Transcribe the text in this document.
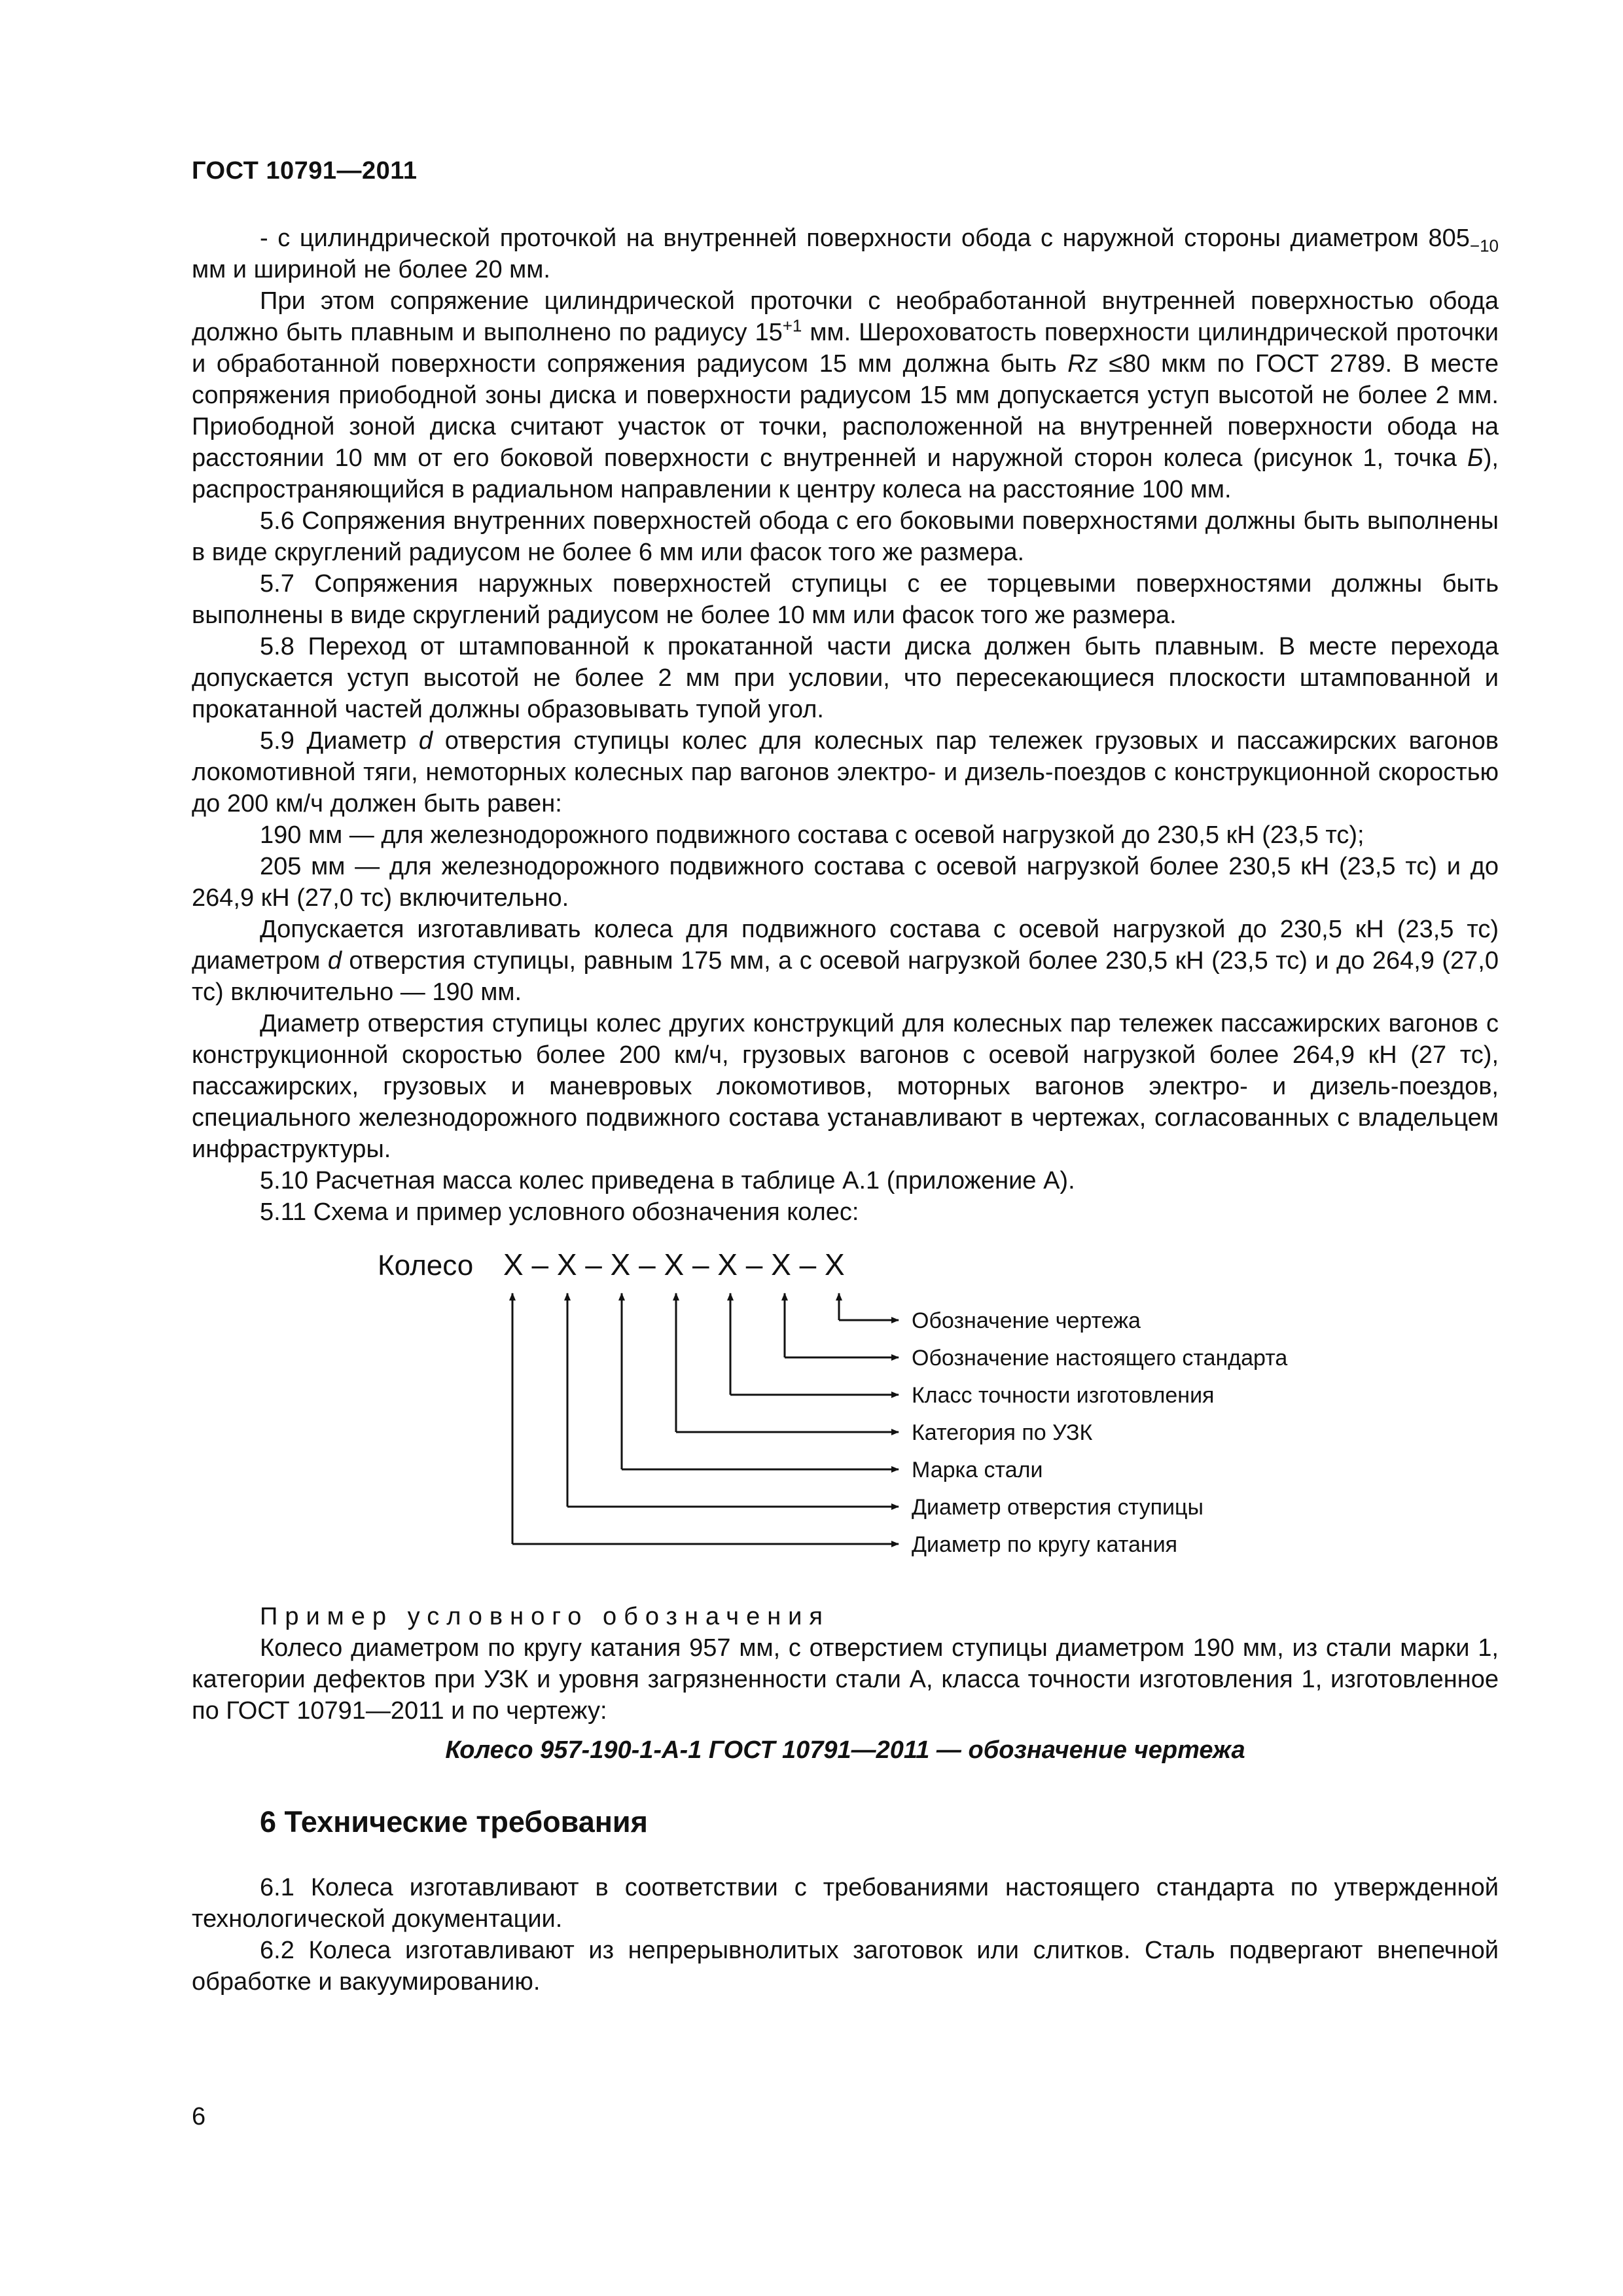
ГОСТ 10791—2011

- с цилиндрической проточкой на внутренней поверхности обода с наружной стороны диаметром $805_{-10}$ мм и шириной не более 20 мм.

При этом сопряжение цилиндрической проточки с необработанной внутренней поверхностью обода должно быть плавным и выполнено по радиусу $15^{+1}$ мм. Шероховатость поверхности цилиндрической проточки и обработанной поверхности сопряжения радиусом 15 мм должна быть Rz ≤80 мкм по ГОСТ 2789. В месте сопряжения приободной зоны диска и поверхности радиусом 15 мм допускается уступ высотой не более 2 мм. Приободной зоной диска считают участок от точки, расположенной на внутренней поверхности обода на расстоянии 10 мм от его боковой поверхности с внутренней и наружной сторон колеса (рисунок 1, точка Б), распространяющийся в радиальном направлении к центру колеса на расстояние 100 мм.

5.6 Сопряжения внутренних поверхностей обода с его боковыми поверхностями должны быть выполнены в виде скруглений радиусом не более 6 мм или фасок того же размера.

5.7 Сопряжения наружных поверхностей ступицы с ее торцевыми поверхностями должны быть выполнены в виде скруглений радиусом не более 10 мм или фасок того же размера.

5.8 Переход от штампованной к прокатанной части диска должен быть плавным. В месте перехода допускается уступ высотой не более 2 мм при условии, что пересекающиеся плоскости штампованной и прокатанной частей должны образовывать тупой угол.

5.9 Диаметр d отверстия ступицы колес для колесных пар тележек грузовых и пассажирских вагонов локомотивной тяги, немоторных колесных пар вагонов электро- и дизель-поездов с конструкционной скоростью до 200 км/ч должен быть равен:

190 мм — для железнодорожного подвижного состава с осевой нагрузкой до 230,5 кН (23,5 тс);

205 мм — для железнодорожного подвижного состава с осевой нагрузкой более 230,5 кН (23,5 тс) и до 264,9 кН (27,0 тс) включительно.

Допускается изготавливать колеса для подвижного состава с осевой нагрузкой до 230,5 кН (23,5 тс) диаметром d отверстия ступицы, равным 175 мм, а с осевой нагрузкой более 230,5 кН (23,5 тс) и до 264,9 (27,0 тс) включительно — 190 мм.

Диаметр отверстия ступицы колес других конструкций для колесных пар тележек пассажирских вагонов с конструкционной скоростью более 200 км/ч, грузовых вагонов с осевой нагрузкой более 264,9 кН (27 тс), пассажирских, грузовых и маневровых локомотивов, моторных вагонов электро- и дизель-поездов, специального железнодорожного подвижного состава устанавливают в чертежах, согласованных с владельцем инфраструктуры.

5.10 Расчетная масса колес приведена в таблице А.1 (приложение А).

5.11 Схема и пример условного обозначения колес:

Колесо Х – Х – Х – Х – Х – Х – Х
Обозначение чертежа
Обозначение настоящего стандарта
Класс точности изготовления
Категория по УЗК
Марка стали
Диаметр отверстия ступицы
Диаметр по кругу катания

Пример условного обозначения

Колесо диаметром по кругу катания 957 мм, с отверстием ступицы диаметром 190 мм, из стали марки 1, категории дефектов при УЗК и уровня загрязненности стали А, класса точности изготовления 1, изготовленное по ГОСТ 10791—2011 и по чертежу:

Колесо 957-190-1-А-1 ГОСТ 10791—2011 — обозначение чертежа

6 Технические требования

6.1 Колеса изготавливают в соответствии с требованиями настоящего стандарта по утвержденной технологической документации.

6.2 Колеса изготавливают из непрерывнолитых заготовок или слитков. Сталь подвергают внепечной обработке и вакуумированию.

6
